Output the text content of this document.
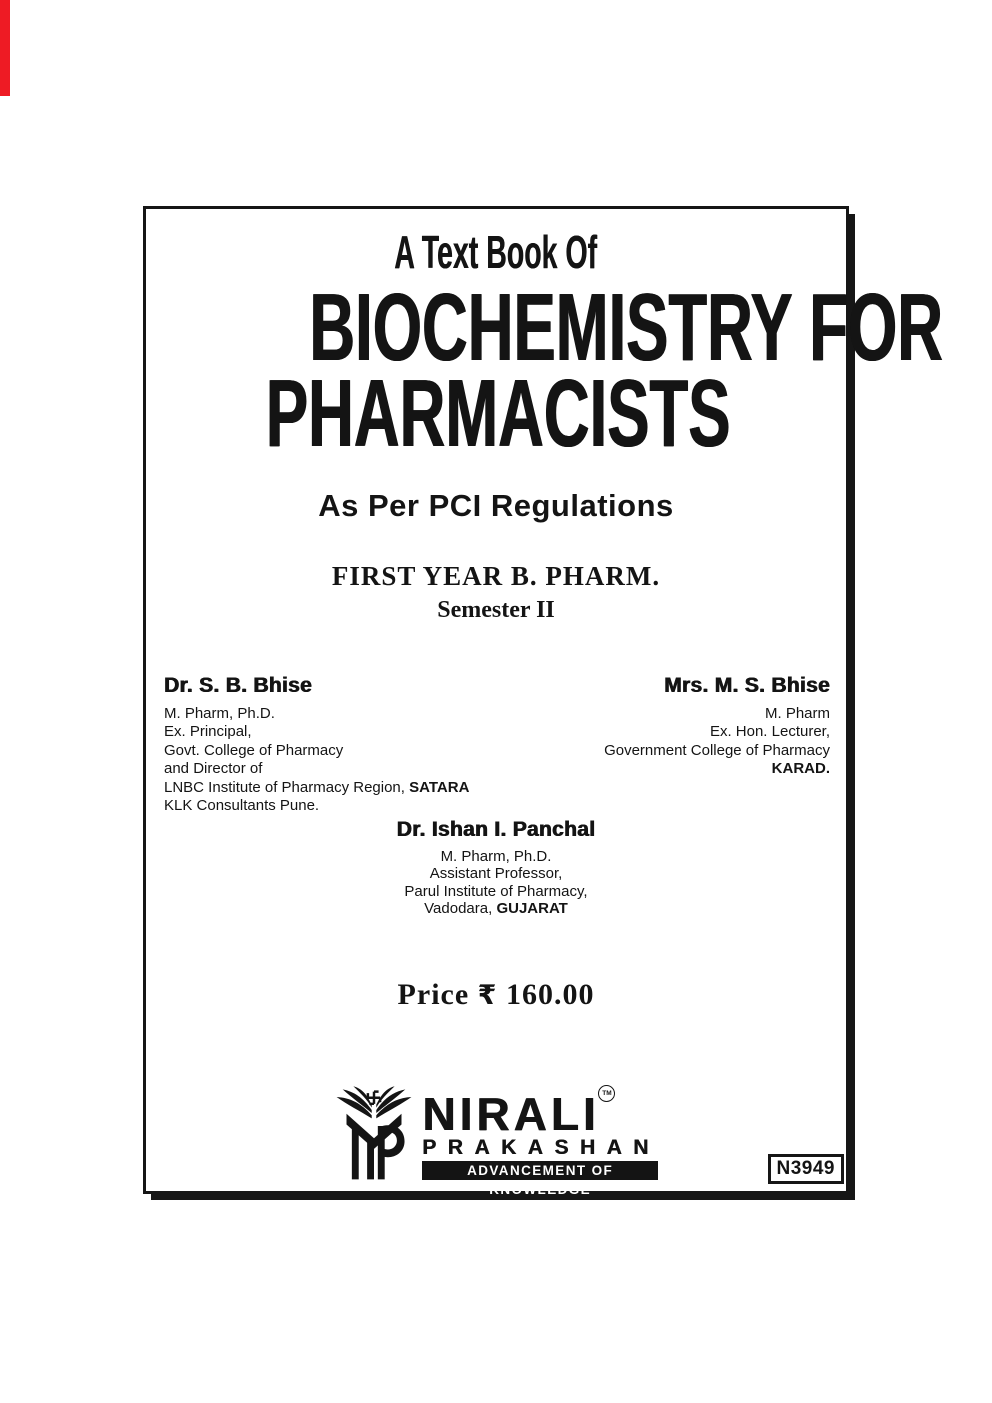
A Text Book Of
BIOCHEMISTRY FOR
PHARMACISTS
As Per PCI Regulations
FIRST YEAR B. PHARM.
Semester II
Dr. S. B. Bhise
M. Pharm, Ph.D.
Ex. Principal,
Govt. College of Pharmacy
and Director of
LNBC Institute of Pharmacy Region, SATARA
KLK Consultants Pune.
Mrs. M. S. Bhise
M. Pharm
Ex. Hon. Lecturer,
Government College of Pharmacy
KARAD.
Dr. Ishan I. Panchal
M. Pharm, Ph.D.
Assistant Professor,
Parul Institute of Pharmacy,
Vadodara, GUJARAT
Price ₹ 160.00
NIRALI TM
PRAKASHAN
ADVANCEMENT OF KNOWLEDGE
N3949
